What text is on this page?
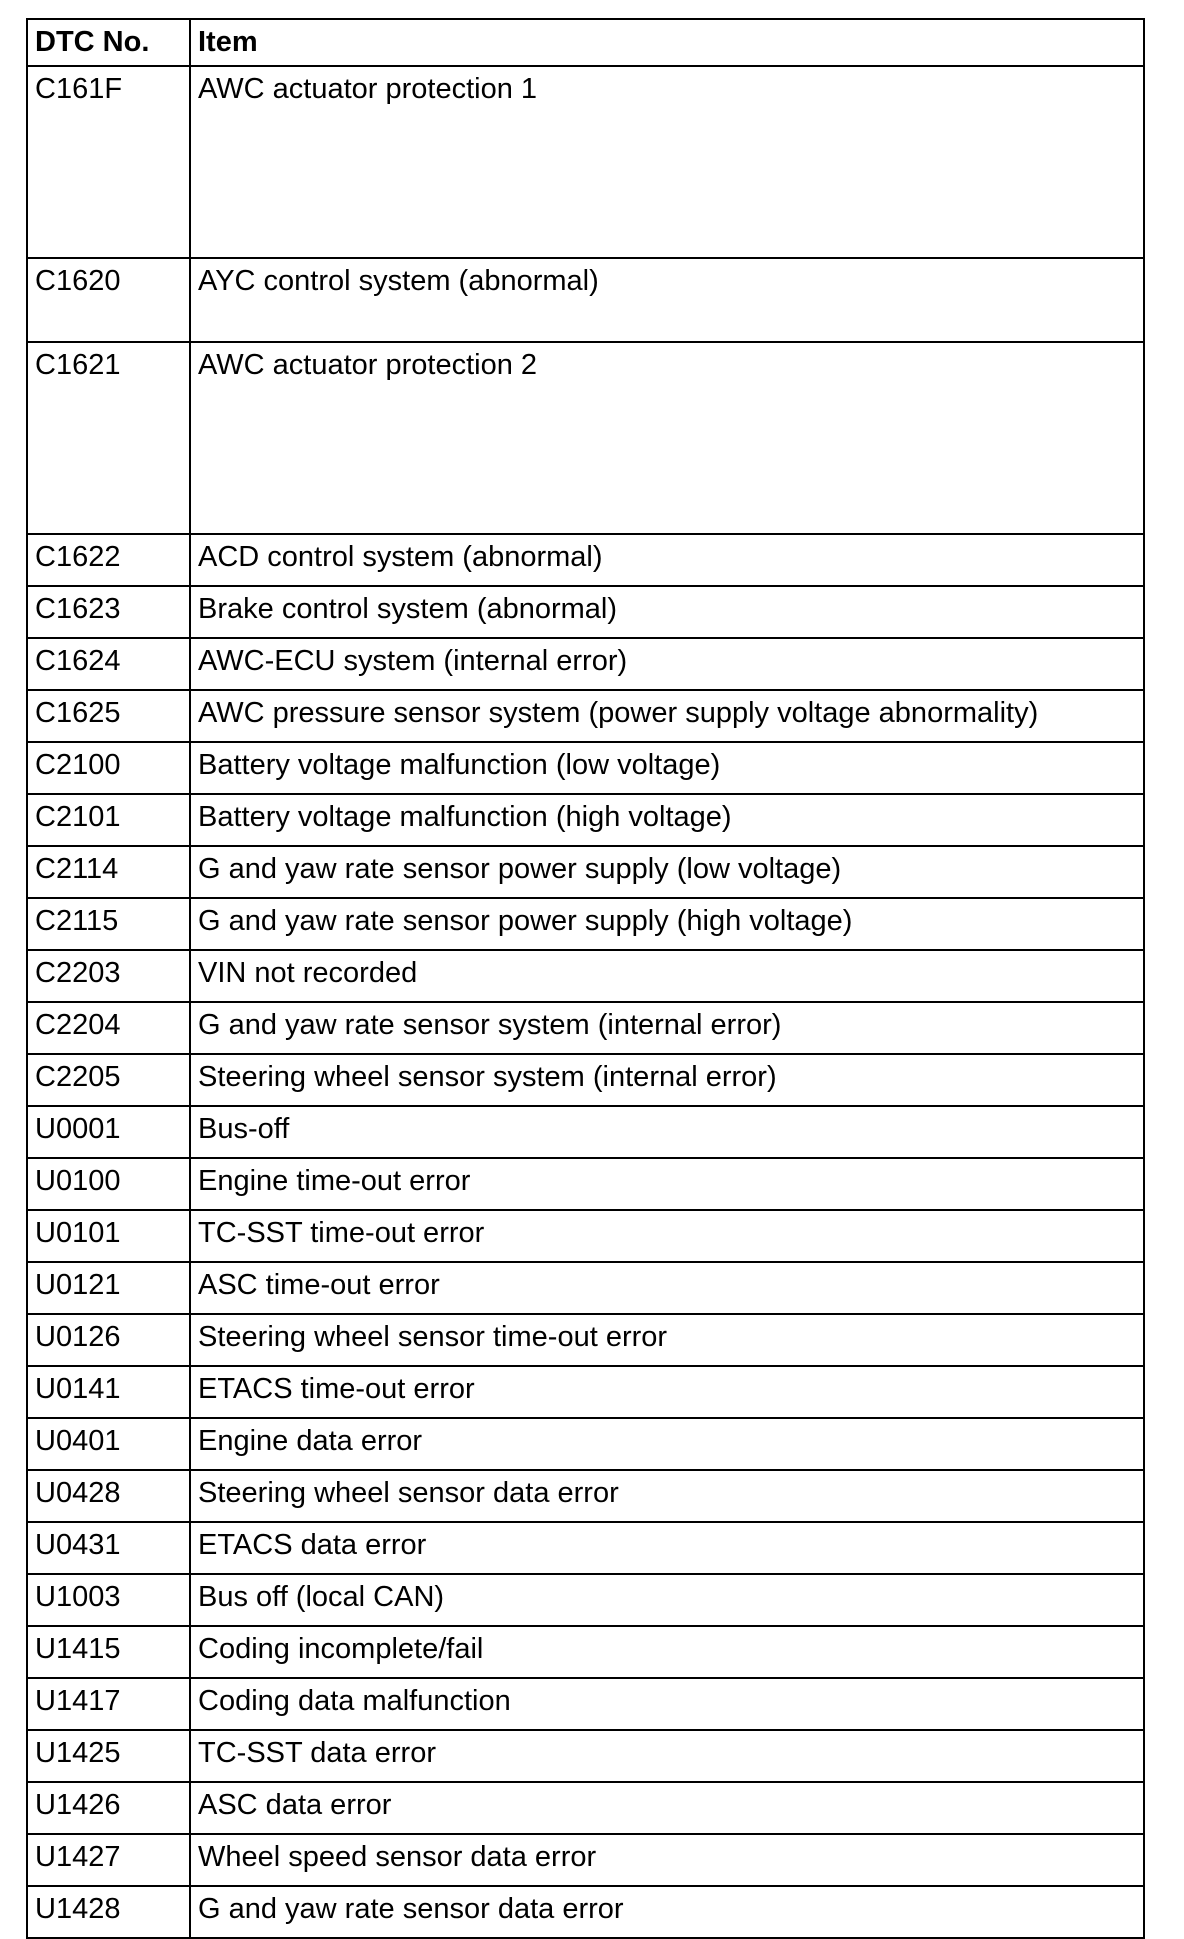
DTC No.	Item
C161F	AWC actuator protection 1
C1620	AYC control system (abnormal)
C1621	AWC actuator protection 2
C1622	ACD control system (abnormal)
C1623	Brake control system (abnormal)
C1624	AWC-ECU system (internal error)
C1625	AWC pressure sensor system (power supply voltage abnormality)
C2100	Battery voltage malfunction (low voltage)
C2101	Battery voltage malfunction (high voltage)
C2114	G and yaw rate sensor power supply (low voltage)
C2115	G and yaw rate sensor power supply (high voltage)
C2203	VIN not recorded
C2204	G and yaw rate sensor system (internal error)
C2205	Steering wheel sensor system (internal error)
U0001	Bus-off
U0100	Engine time-out error
U0101	TC-SST time-out error
U0121	ASC time-out error
U0126	Steering wheel sensor time-out error
U0141	ETACS time-out error
U0401	Engine data error
U0428	Steering wheel sensor data error
U0431	ETACS data error
U1003	Bus off (local CAN)
U1415	Coding incomplete/fail
U1417	Coding data malfunction
U1425	TC-SST data error
U1426	ASC data error
U1427	Wheel speed sensor data error
U1428	G and yaw rate sensor data error
